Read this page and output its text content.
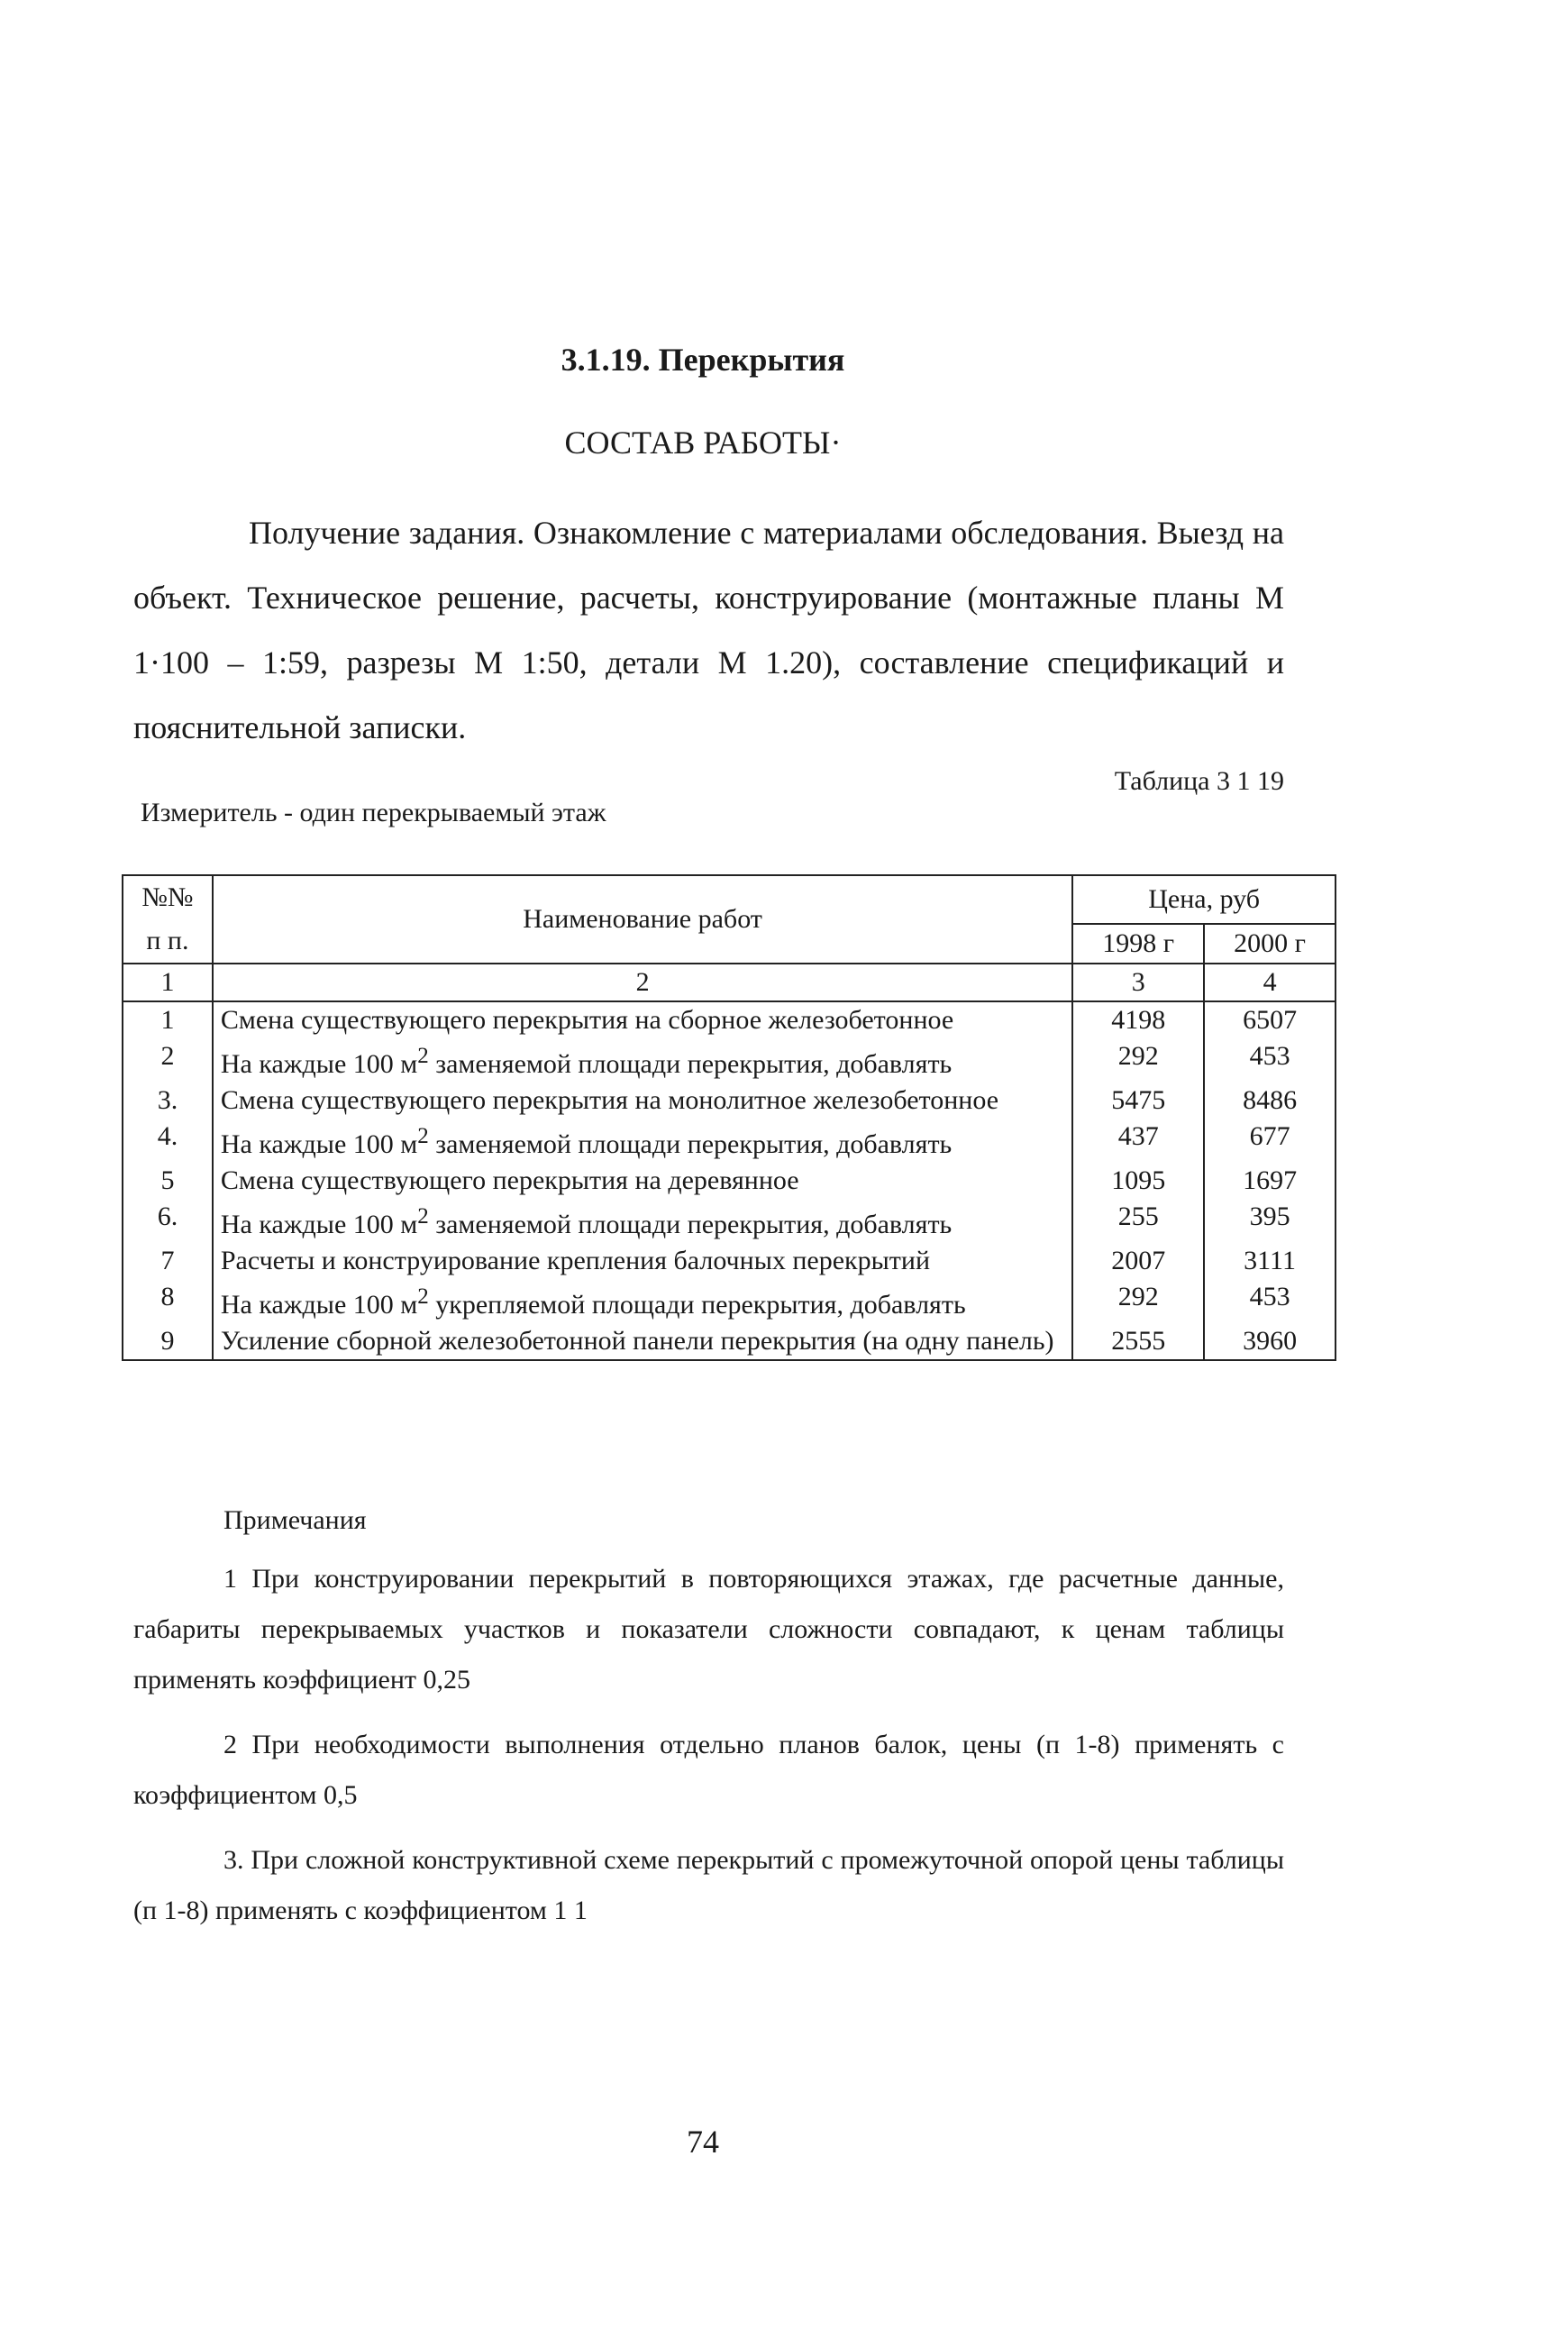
3.1.19. Перекрытия
СОСТАВ РАБОТЫ·

Получение задания. Ознакомление с материалами обследования. Выезд на объект. Техническое решение, расчеты, конструирование (монтажные планы М 1·100 – 1:59, разрезы М 1:50, детали М 1.20), составление спецификаций и пояснительной записки.

Таблица 3 1 19
Измеритель - один перекрываемый этаж
№№
п п.	Наименование работ	Цена, руб	
		1998 г	2000 г
1	2	3	4
1	Смена существующего перекрытия на сборное железобетонное	4198	6507
2	На каждые 100 $м^2$ заменяемой площади перекрытия, добавлять	292	453
3.	Смена существующего перекрытия на монолитное железобетонное	5475	8486
4.	На каждые 100 $м^2$ заменяемой площади перекрытия, добавлять	437	677
5	Смена существующего перекрытия на деревянное	1095	1697
6.	На каждые 100 $м^2$ заменяемой площади перекрытия, добавлять	255	395
7	Расчеты и конструирование крепления балочных перекрытий	2007	3111
8	На каждые 100 $м^2$ укрепляемой площади перекрытия, добавлять	292	453
9	Усиление сборной железобетонной панели перекрытия (на одну панель)	2555	3960
Примечания

1 При конструировании перекрытий в повторяющихся этажах, где расчетные данные, габариты перекрываемых участков и показатели сложности совпадают, к ценам таблицы применять коэффициент 0,25

2 При необходимости выполнения отдельно планов балок, цены (п 1-8) применять с коэффициентом 0,5

3. При сложной конструктивной схеме перекрытий с промежуточной опорой цены таблицы (п 1-8) применять с коэффициентом 1 1

74
